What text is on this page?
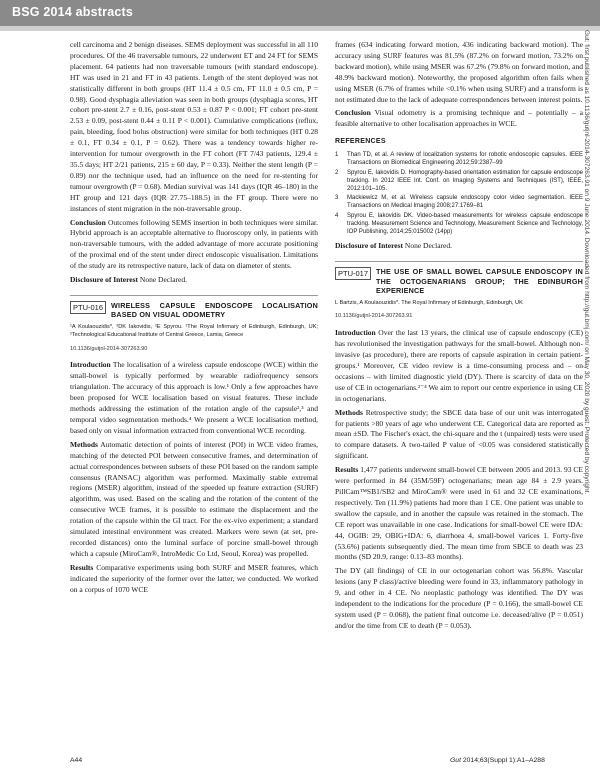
BSG 2014 abstracts

cell carcinoma and 2 benign diseases. SEMS deployment was successful in all 110 procedures. Of the 46 traversable tumours, 22 underwent ET and 24 FT for SEMS placement. 64 patients had non traversable tumours (with standard endoscope). HT was used in 21 and FT in 43 patients. Length of the stent deployed was not statistically different in both groups (HT 11.4 ± 0.5 cm, FT 11.0 ± 0.5 cm, P = 0.98). Good dysphagia alleviation was seen in both groups (dysphagia scores, HT cohort pre-stent 2.7 ± 0.16, post-stent 0.53 ± 0.87 P < 0.001; FT cohort pre-stent 2.53 ± 0.09, post-stent 0.44 ± 0.11 P < 0.001). Cumulative complications (reflux, pain, bleeding, food bolus obstruction) were similar for both techniques (HT 0.28 ± 0.1, FT 0.34 ± 0.1, P = 0.62). There was a tendency towards higher re-intervention for tumour overgrowth in the FT cohort (FT 7/43 patients, 129.4 ± 35.5 days; HT 2/21 patients, 215 ± 60 day, P = 0.33). Neither the stent length (P = 0.89) nor the technique used, had an influence on the need for re-stenting for tumour overgrowth (P = 0.68). Median survival was 141 days (IQR 46–180) in the HT group and 121 days (IQR 27.75–188.5) in the FT group. There were no instances of stent migration in the non-traversable group.

Conclusion Outcomes following SEMS insertion in both techniques were similar. Hybrid approach is an acceptable alternative to fluoroscopy only, in patients with non-traversable tumours, with the added advantage of more accurate positioning of the proximal end of the stent under direct endoscopic visualisation. Limitations of the study are its retrospective nature, lack of data on diameter of stents.

Disclosure of Interest None Declared.

PTU-016	WIRELESS CAPSULE ENDOSCOPE LOCALISATION BASED ON VISUAL ODOMETRY
¹A Koulaouzidis*, ²DK Iakovidis, ²E Spyrou. ¹The Royal Infirmary of Edinburgh, Edinburgh, UK; ²Technological Educational Institute of Central Greece, Lamia, Greece
10.1136/gutjnl-2014-307263.90

Introduction The localisation of a wireless capsule endoscope (WCE) within the small-bowel is typically performed by wearable radiofrequency sensors triangulation. The accuracy of this approach is low.¹ Only a few approaches have been proposed for WCE localisation based on visual features. These include methods addressing the estimation of the rotation angle of the capsule²,³ and temporal video segmentation methods.⁴ We present a WCE localisation method, based only on visual information extracted from conventional WCE recording.

Methods Automatic detection of points of interest (POI) in WCE video frames, matching of the detected POI between consecutive frames, and determination of actual correspondences between subsets of these POI based on the random sample consensus (RANSAC) algorithm was performed. Maximally stable extremal regions (MSER) algorithm, instead of the speeded up feature extraction (SURF) algorithm, was used. Based on the scaling and the rotation of the content of the consecutive WCE frames, it is possible to estimate the displacement and the rotation of the capsule within the GI tract. For the ex-vivo experiment; a standard simulated intestinal environment was created. Markers were sewn (at set, pre-recorded distances) onto the luminal surface of porcine small-bowel through which a capsule (MiroCam®, IntroMedic Co Ltd, Seoul, Korea) was propelled.

Results Comparative experiments using both SURF and MSER features, which indicated the superiority of the former over the latter, we conducted. We worked on a corpus of 1070 WCE

frames (634 indicating forward motion, 436 indicating backward motion). The accuracy using SURF features was 81.5% (87.2% on forward motion, 73.2% on backward motion), while using MSER was 67.2% (79.8% on forward motion, and 48.9% backward motion). Noteworthy, the proposed algorithm often fails when using MSER (6.7% of frames while <0.1% when using SURF) and a transform is not estimated due to the lack of adequate correspondences between interest points.

Conclusion Visual odometry is a promising technique and – potentially – a feasible alternative to other localisation approaches in WCE.

REFERENCES
1	Than TD, et al. A review of localization systems for robotic endoscopic capsules. IEEE Transactions on Biomedical Engineering 2012;59:2387–99
2	Spyrou E, Iakovidis D. Homography-based orientation estimation for capsule endoscope tracking. In 2012 IEEE Int. Conf. on Imaging Systems and Techniques (IST), IEEE, 2012:101–105.
3	Mackiewicz M, et al. Wireless capsule endoscopy color video segmentation. IEEE Transactions on Medical Imaging 2008;27:1769–81
4	Spyrou E, Iakovidis DK. Video-based measurements for wireless capsule endoscope tracking. Measurement Science and Technology, Measurement Science and Technology, IOP Publishing, 2014;25:015002 (14pp)

Disclosure of Interest None Declared.

PTU-017	THE USE OF SMALL BOWEL CAPSULE ENDOSCOPY IN THE OCTOGENARIANS GROUP; THE EDINBURGH EXPERIENCE
L Bartzis, A Koulaouzidis*. The Royal Infirmary of Edinburgh, Edinburgh, UK
10.1136/gutjnl-2014-307263.91

Introduction Over the last 13 years, the clinical use of capsule endoscopy (CE) has revolutionised the investigation pathways for the small-bowel. Although non-invasive (as procedure), there are reports of capsule aspiration in certain patient-groups.¹ Moreover, CE video review is a time-consuming process and – on occasions – with limited diagnostic yield (DY). There is scarcity of data on the use of CE in octogenarians.²⁻⁴ We aim to report our centre experience in using CE in octogenarians.

Methods Retrospective study; the SBCE data base of our unit was interrogated for patients >80 years of age who underwent CE. Categorical data are reported as mean ±SD. The Fischer's exact, the chi-square and the t (unpaired) tests were used to compare datasets. A two-tailed P value of <0.05 was considered statistically significant.

Results 1,477 patients underwent small-bowel CE between 2005 and 2013. 93 CE were performed in 84 (35M/59F) octogenarians; mean age 84 ± 2.9 years. PillCam™SB1/SB2 and MiroCam® were used in 61 and 32 CE examinations, respectively. Ten (11.9%) patients had more than 1 CE. One patient was unable to swallow the capsule, and in another the capsule was retained in the stomach. The CE report was unavailable in one case. Indications for small-bowel CE were IDA: 44, OGIB: 29, OBIG+IDA: 6, diarrhoea 4, small-bowel varices 1. Forty-five (53.6%) patients subsequently died. The mean time from SBCE to death was 23 months (SD 20.9, range: 0.13–83 months).

The DY (all findings) of CE in our octogenarian cohort was 56.8%. Vascular lesions (any P class)/active bleeding were found in 33, inflammatory pathology in 9, and other in 4 CE. No neoplastic pathology was identified. The DY was independent to the indications for the procedure (P = 0.166), the small-bowel CE system used (P = 0.068), the patient final outcome i.e. deceased/alive (P = 0.051) and/or the time from CE to death (P = 0.053).

Gut: first published as 10.1136/gutjnl-2014-307263.91 on 9 June 2014. Downloaded from http://gut.bmj.com/ on May 30, 2020 by guest. Protected by copyright.
A44	Gut 2014;63(Suppl 1):A1–A288
